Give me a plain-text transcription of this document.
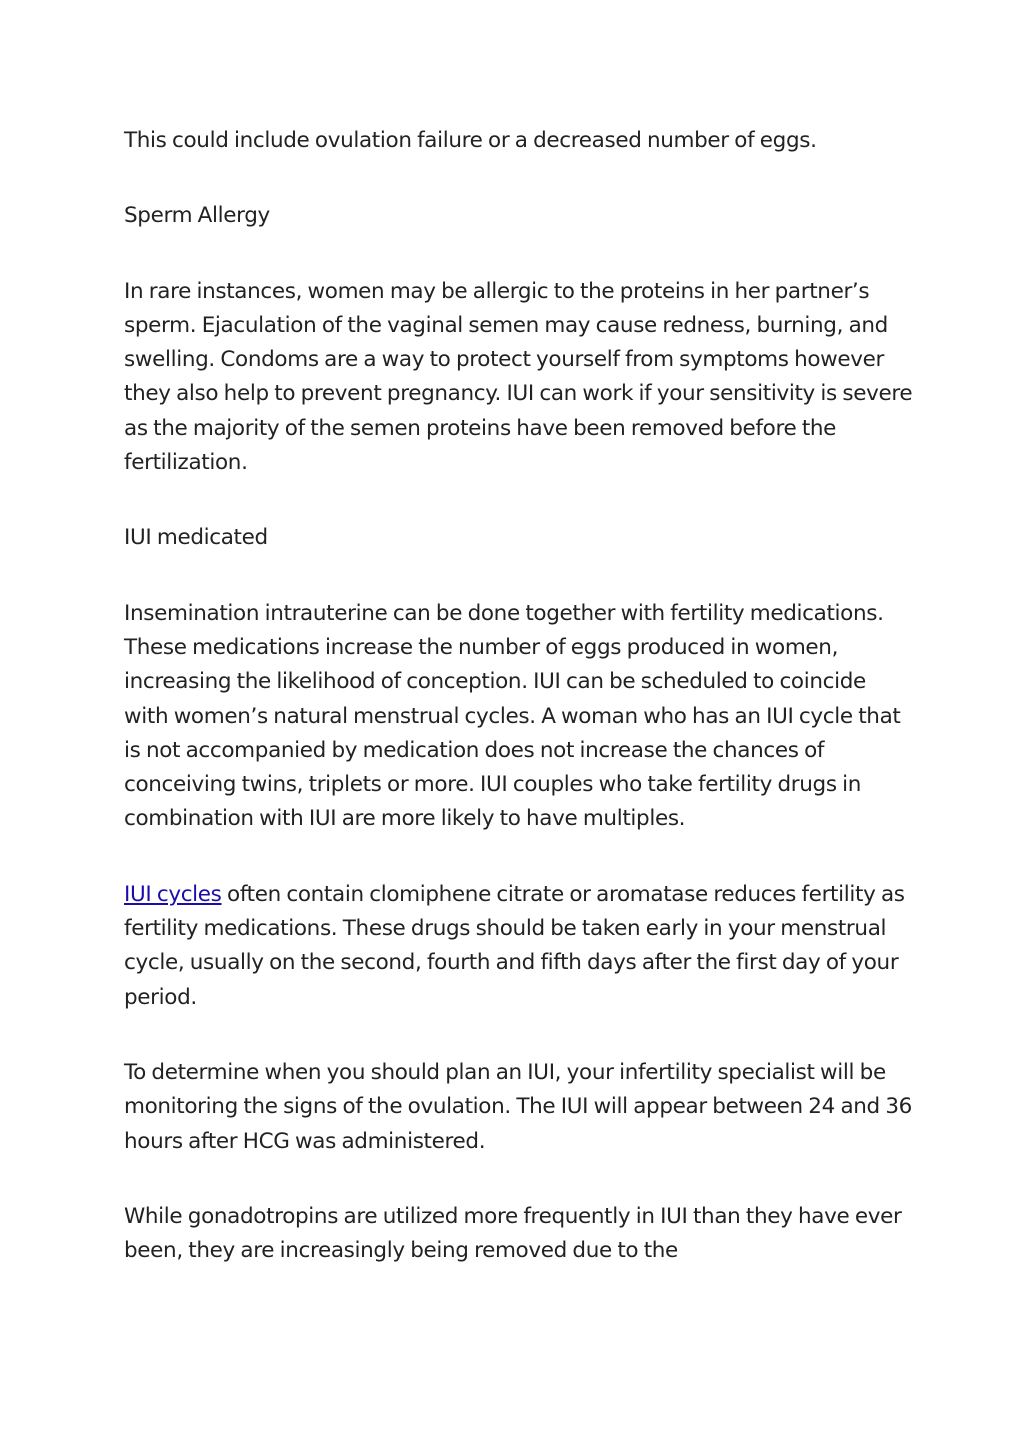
This could include ovulation failure or a decreased number of eggs.

Sperm Allergy

In rare instances, women may be allergic to the proteins in her partner’s sperm. Ejaculation of the vaginal semen may cause redness, burning, and swelling. Condoms are a way to protect yourself from symptoms however they also help to prevent pregnancy. IUI can work if your sensitivity is severe as the majority of the semen proteins have been removed before the fertilization.

IUI medicated

Insemination intrauterine can be done together with fertility medications. These medications increase the number of eggs produced in women, increasing the likelihood of conception. IUI can be scheduled to coincide with women’s natural menstrual cycles. A woman who has an IUI cycle that is not accompanied by medication does not increase the chances of conceiving twins, triplets or more. IUI couples who take fertility drugs in combination with IUI are more likely to have multiples.

IUI cycles often contain clomiphene citrate or aromatase reduces fertility as fertility medications. These drugs should be taken early in your menstrual cycle, usually on the second, fourth and fifth days after the first day of your period.

To determine when you should plan an IUI, your infertility specialist will be monitoring the signs of the ovulation. The IUI will appear between 24 and 36 hours after HCG was administered.

While gonadotropins are utilized more frequently in IUI than they have ever been, they are increasingly being removed due to the
